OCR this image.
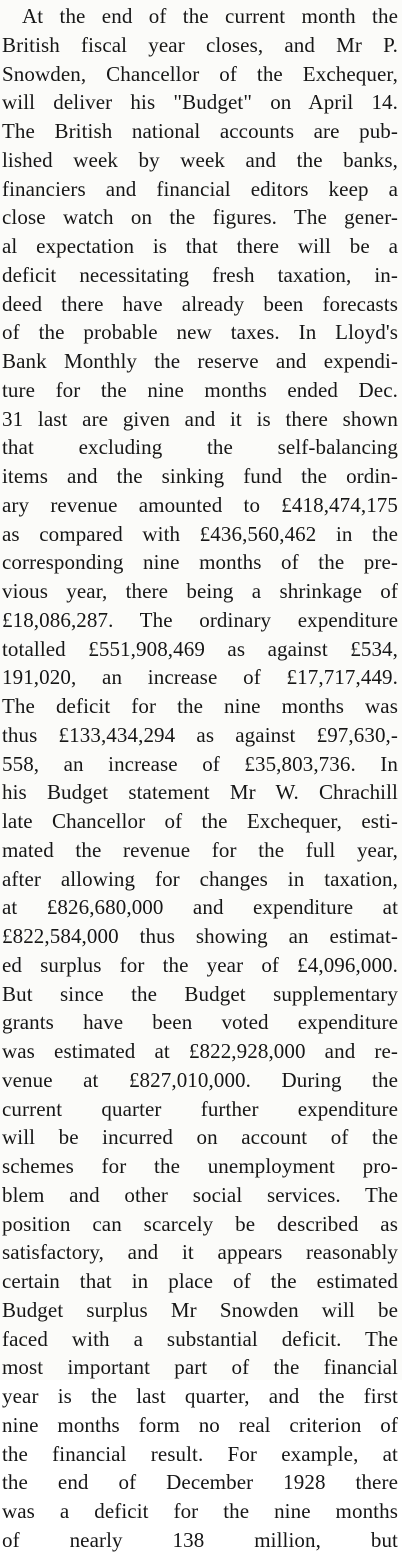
At the end of the current month the
British fiscal year closes, and Mr P.
Snowden, Chancellor of the Exchequer,
will deliver his "Budget" on April 14.
The British national accounts are pub-
lished week by week and the banks,
financiers and financial editors keep a
close watch on the figures. The gener-
al expectation is that there will be a
deficit necessitating fresh taxation, in-
deed there have already been forecasts
of the probable new taxes. In Lloyd's
Bank Monthly the reserve and expendi-
ture for the nine months ended Dec.
31 last are given and it is there shown
that excluding the self-balancing
items and the sinking fund the ordin-
ary revenue amounted to £418,474,175
as compared with £436,560,462 in the
corresponding nine months of the pre-
vious year, there being a shrinkage of
£18,086,287. The ordinary expenditure
totalled £551,908,469 as against £534,
191,020, an increase of £17,717,449.
The deficit for the nine months was
thus £133,434,294 as against £97,630,-
558, an increase of £35,803,736. In
his Budget statement Mr W. Chrachill
late Chancellor of the Exchequer, esti-
mated the revenue for the full year,
after allowing for changes in taxation,
at £826,680,000 and expenditure at
£822,584,000 thus showing an estimat-
ed surplus for the year of £4,096,000.
But since the Budget supplementary
grants have been voted expenditure
was estimated at £822,928,000 and re-
venue at £827,010,000. During the
current quarter further expenditure
will be incurred on account of the
schemes for the unemployment pro-
blem and other social services. The
position can scarcely be described as
satisfactory, and it appears reasonably
certain that in place of the estimated
Budget surplus Mr Snowden will be
faced with a substantial deficit. The
most important part of the financial
year is the last quarter, and the first
nine months form no real criterion of
the financial result. For example, at
the end of December 1928 there
was a deficit for the nine months
of nearly 138 million, but
